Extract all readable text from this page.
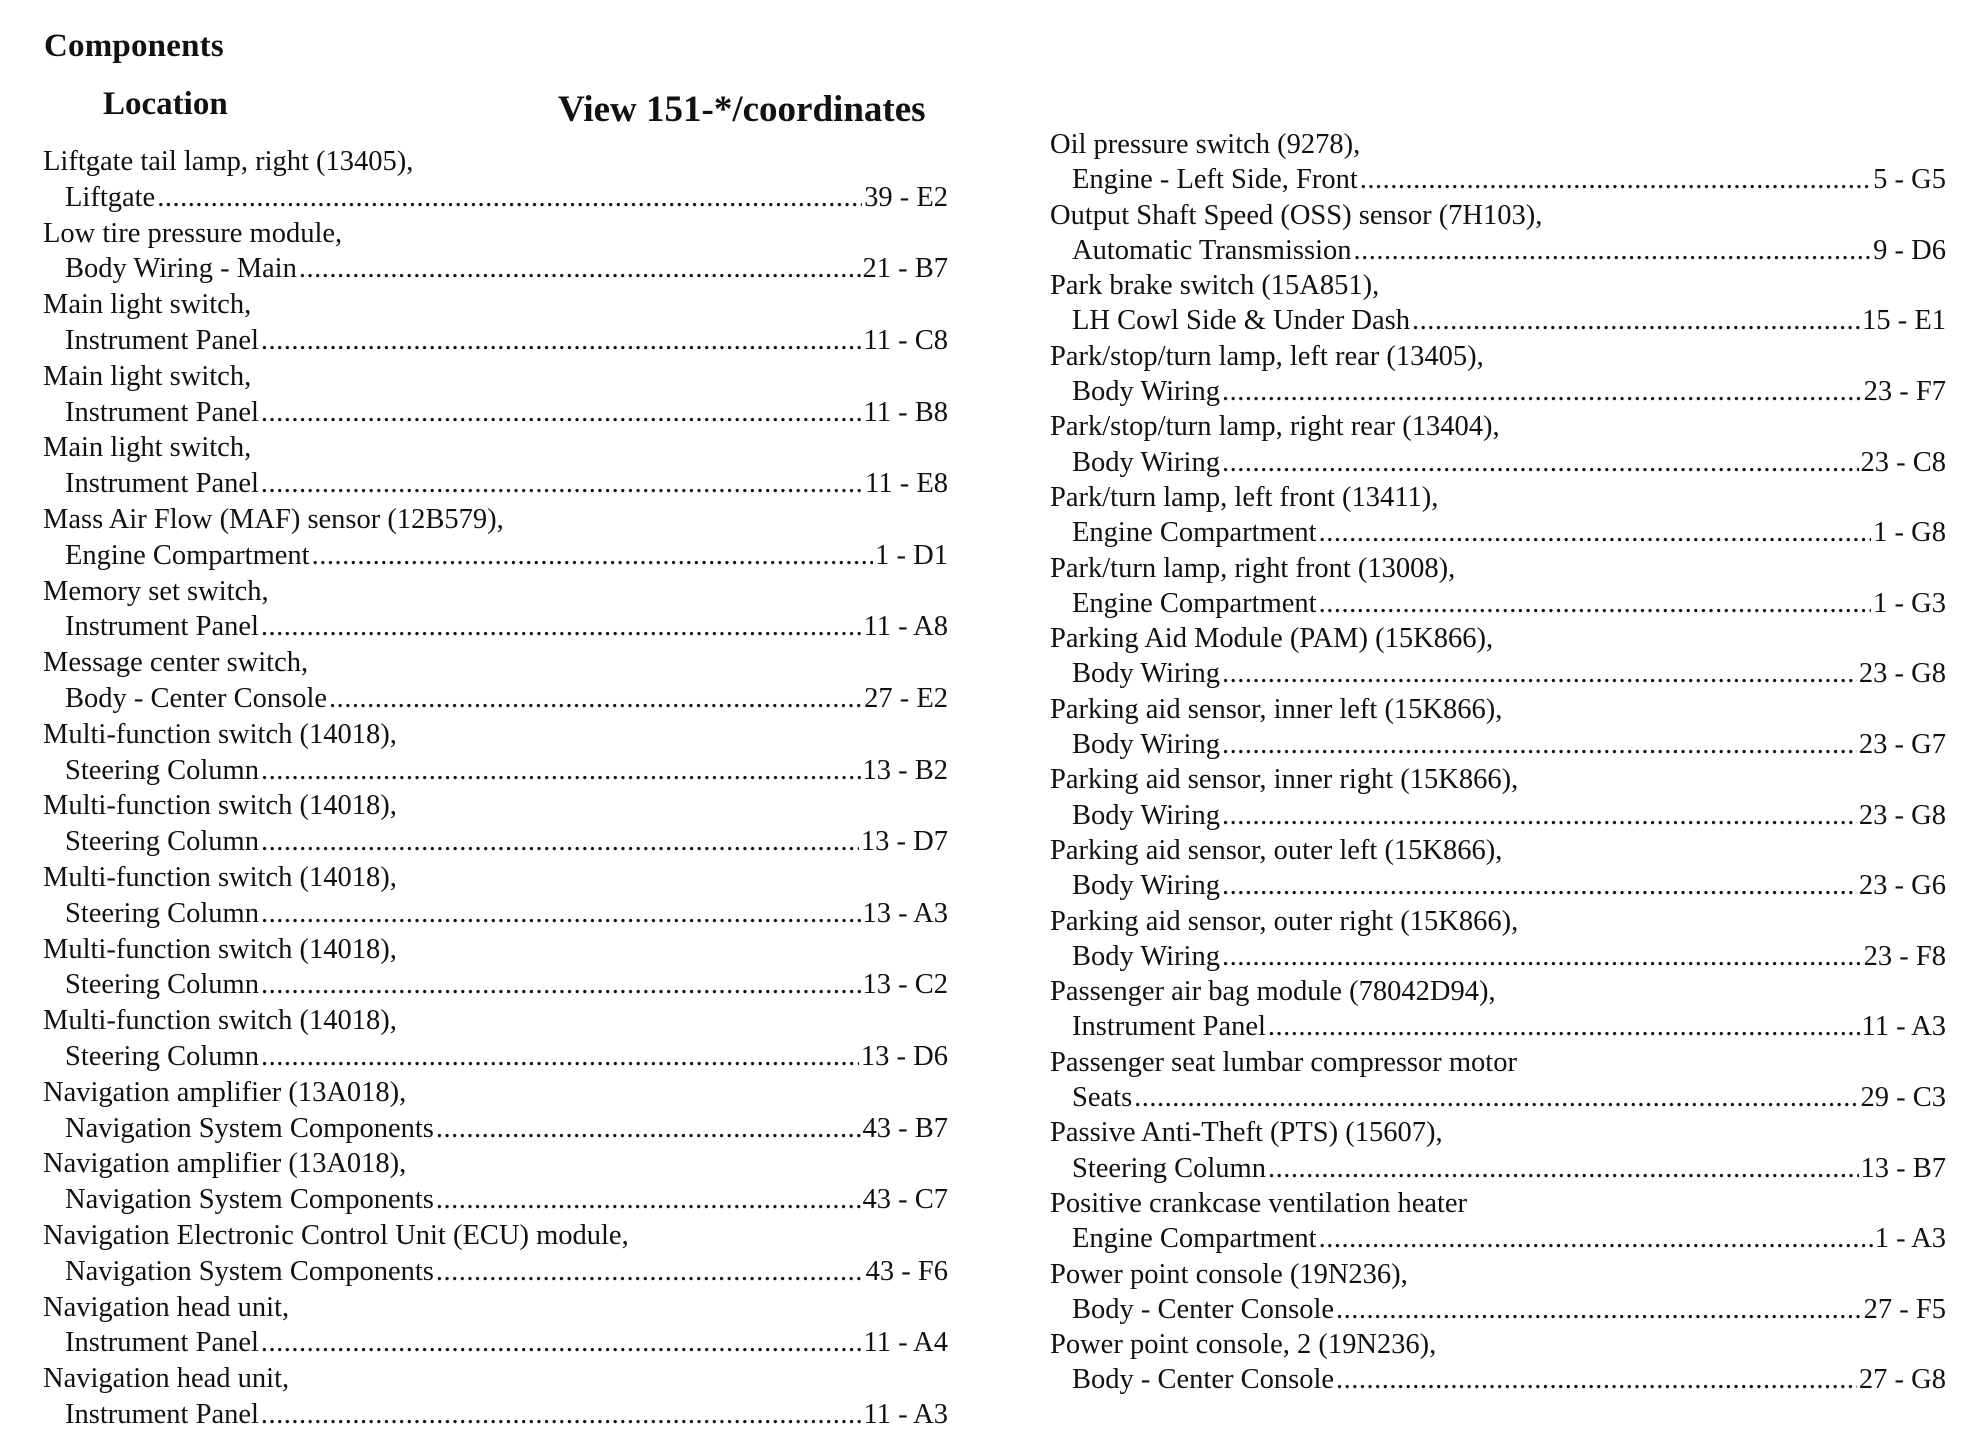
Components
Location	View 151-*/coordinates
Liftgate tail lamp, right (13405),
Liftgate .....	39 - E2
Low tire pressure module,
Body Wiring - Main .....	21 - B7
Main light switch,
Instrument Panel .....	11 - C8
Main light switch,
Instrument Panel .....	11 - B8
Main light switch,
Instrument Panel .....	11 - E8
Mass Air Flow (MAF) sensor (12B579),
Engine Compartment .....	1 - D1
Memory set switch,
Instrument Panel .....	11 - A8
Message center switch,
Body - Center Console .....	27 - E2
Multi-function switch (14018),
Steering Column .....	13 - B2
Multi-function switch (14018),
Steering Column .....	13 - D7
Multi-function switch (14018),
Steering Column .....	13 - A3
Multi-function switch (14018),
Steering Column .....	13 - C2
Multi-function switch (14018),
Steering Column .....	13 - D6
Navigation amplifier (13A018),
Navigation System Components .....	43 - B7
Navigation amplifier (13A018),
Navigation System Components .....	43 - C7
Navigation Electronic Control Unit (ECU) module,
Navigation System Components .....	43 - F6
Navigation head unit,
Instrument Panel .....	11 - A4
Navigation head unit,
Instrument Panel .....	11 - A3
Oil pressure switch (9278),
Engine - Left Side, Front .....	5 - G5
Output Shaft Speed (OSS) sensor (7H103),
Automatic Transmission .....	9 - D6
Park brake switch (15A851),
LH Cowl Side & Under Dash .....	15 - E1
Park/stop/turn lamp, left rear (13405),
Body Wiring .....	23 - F7
Park/stop/turn lamp, right rear (13404),
Body Wiring .....	23 - C8
Park/turn lamp, left front (13411),
Engine Compartment .....	1 - G8
Park/turn lamp, right front (13008),
Engine Compartment .....	1 - G3
Parking Aid Module (PAM) (15K866),
Body Wiring .....	23 - G8
Parking aid sensor, inner left (15K866),
Body Wiring .....	23 - G7
Parking aid sensor, inner right (15K866),
Body Wiring .....	23 - G8
Parking aid sensor, outer left (15K866),
Body Wiring .....	23 - G6
Parking aid sensor, outer right (15K866),
Body Wiring .....	23 - F8
Passenger air bag module (78042D94),
Instrument Panel .....	11 - A3
Passenger seat lumbar compressor motor
Seats .....	29 - C3
Passive Anti-Theft (PTS) (15607),
Steering Column .....	13 - B7
Positive crankcase ventilation heater
Engine Compartment .....	1 - A3
Power point console (19N236),
Body - Center Console .....	27 - F5
Power point console, 2 (19N236),
Body - Center Console .....	27 - G8
